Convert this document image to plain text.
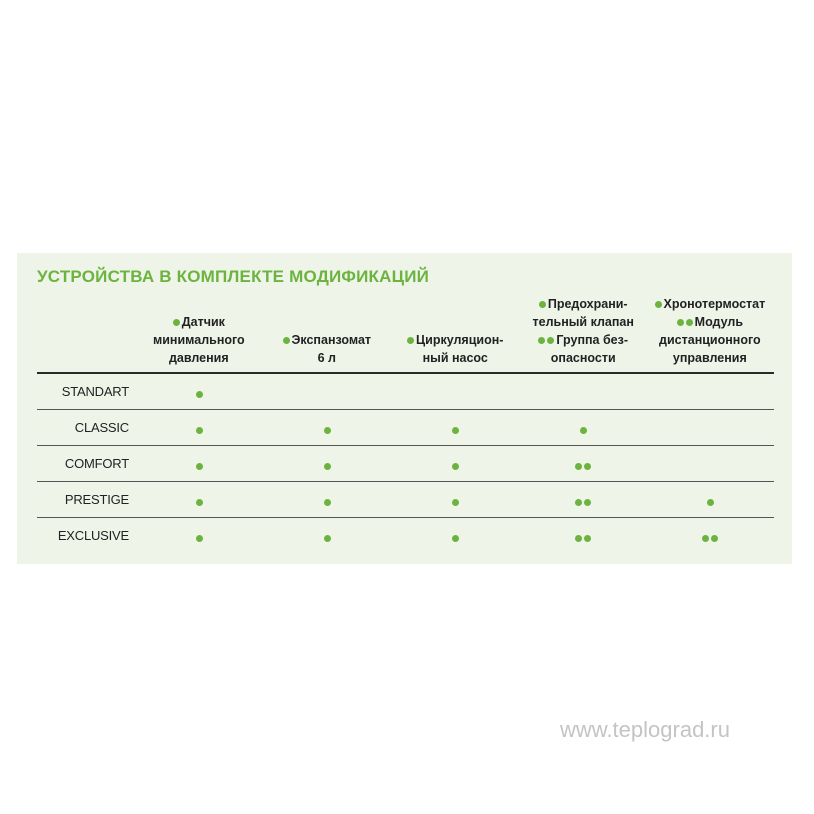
УСТРОЙСТВА В КОМПЛЕКТЕ МОДИФИКАЦИЙ
Датчик
минимального
давления
Экспанзомат
6 л
Циркуляцион-
ный насос
Предохрани-
тельный клапан
Группа без-
опасности
Хронотермостат
Модуль
дистанционного
управления
STANDART
CLASSIC
COMFORT
PRESTIGE
EXCLUSIVE
www.teplograd.ru
